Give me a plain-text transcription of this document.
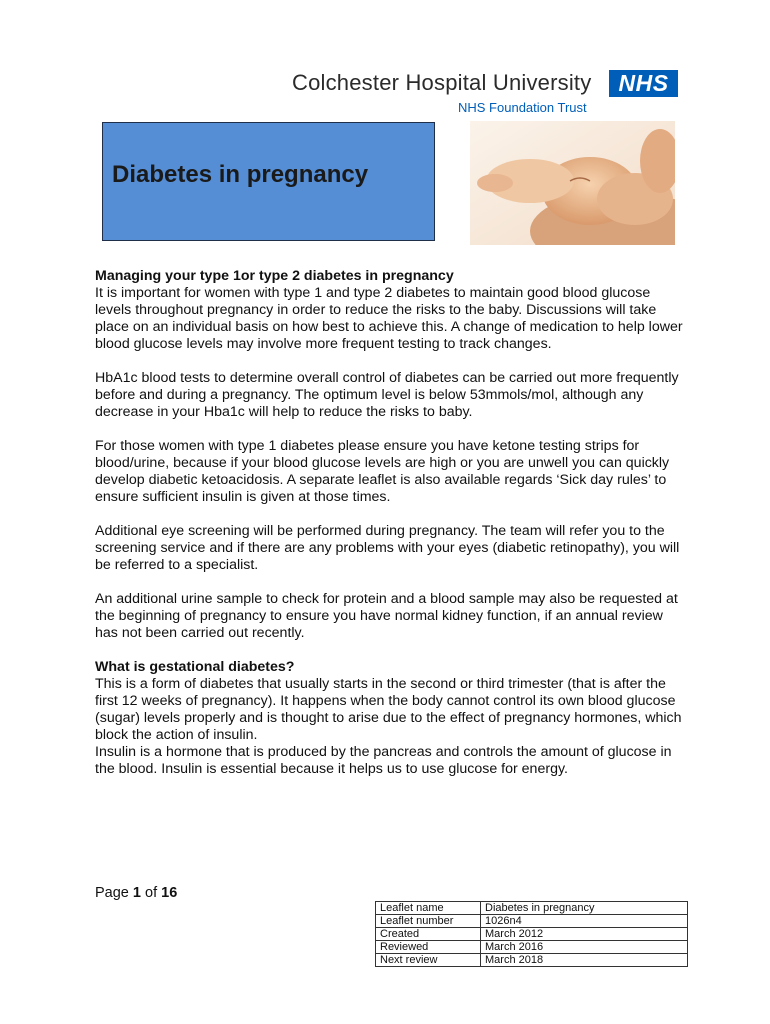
Colchester Hospital University
NHS Foundation Trust
NHS
Diabetes in pregnancy
Managing your type 1or type 2 diabetes in pregnancy

It is important for women with type 1 and type 2 diabetes to maintain good blood glucose levels throughout pregnancy in order to reduce the risks to the baby. Discussions will take place on an individual basis on how best to achieve this. A change of medication to help lower blood glucose levels may involve more frequent testing to track changes.

HbA1c blood tests to determine overall control of diabetes can be carried out more frequently before and during a pregnancy. The optimum level is below 53mmols/mol, although any decrease in your Hba1c will help to reduce the risks to baby.

For those women with type 1 diabetes please ensure you have ketone testing strips for blood/urine, because if your blood glucose levels are high or you are unwell you can quickly develop diabetic ketoacidosis. A separate leaflet is also available regards ‘Sick day rules’ to ensure sufficient insulin is given at those times.

Additional eye screening will be performed during pregnancy. The team will refer you to the screening service and if there are any problems with your eyes (diabetic retinopathy), you will be referred to a specialist.

An additional urine sample to check for protein and a blood sample may also be requested at the beginning of pregnancy to ensure you have normal kidney function, if an annual review has not been carried out recently.

What is gestational diabetes?

This is a form of diabetes that usually starts in the second or third trimester (that is after the first 12 weeks of pregnancy). It happens when the body cannot control its own blood glucose (sugar) levels properly and is thought to arise due to the effect of pregnancy hormones, which block the action of insulin.

Insulin is a hormone that is produced by the pancreas and controls the amount of glucose in the blood. Insulin is essential because it helps us to use glucose for energy.

Page 1 of 16
Leaflet name	Diabetes in pregnancy
Leaflet number	1026n4
Created	March 2012
Reviewed	March 2016
Next review	March 2018
